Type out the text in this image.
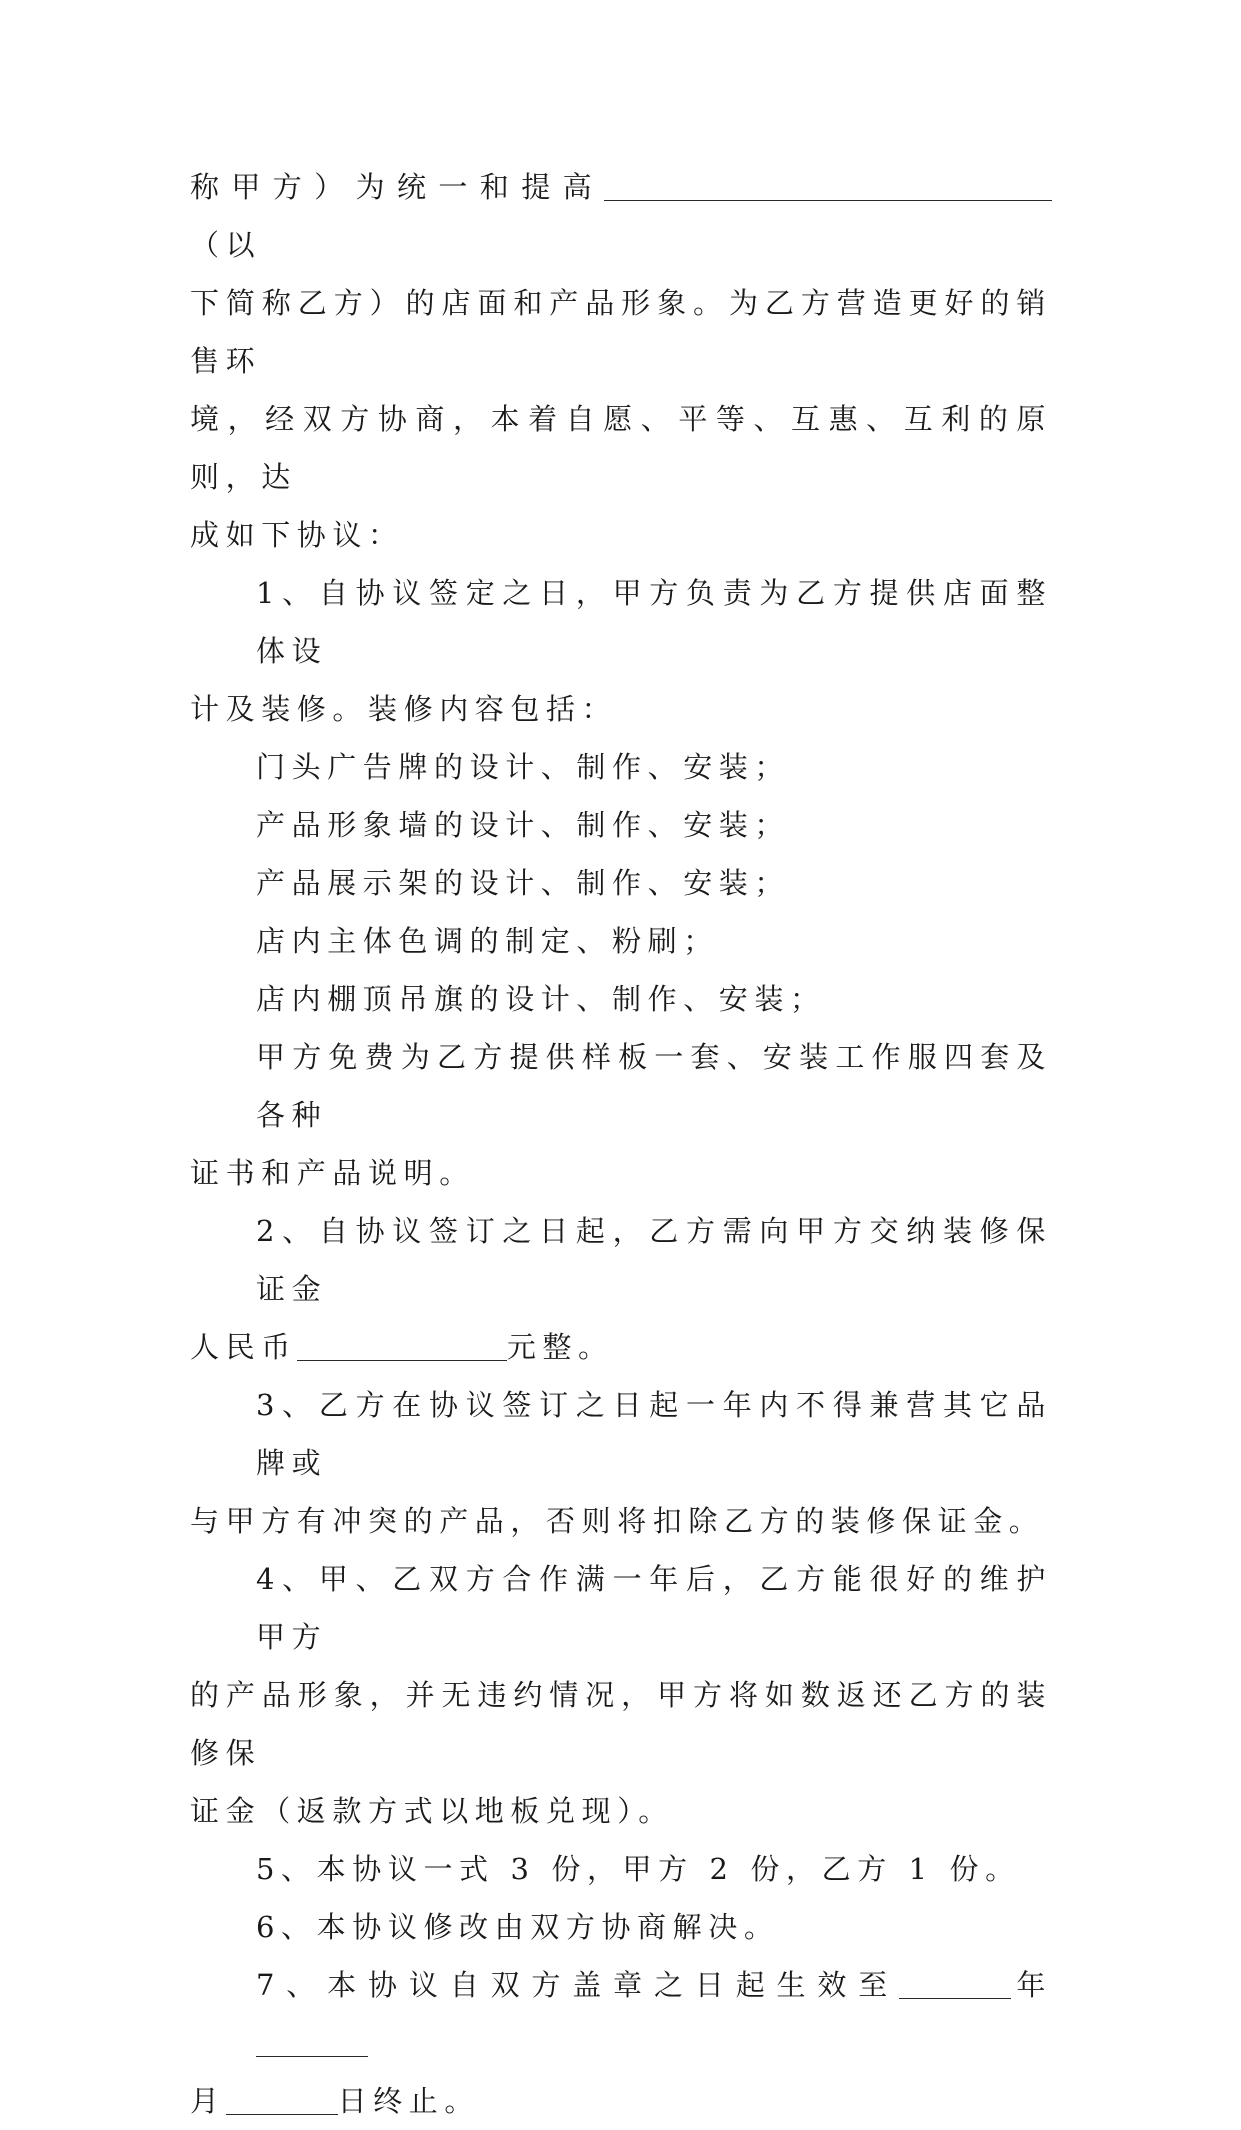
称甲方）为统一和提高（以
下简称乙方）的店面和产品形象。为乙方营造更好的销售环
境，经双方协商，本着自愿、平等、互惠、互利的原则，达
成如下协议：

1、自协议签定之日，甲方负责为乙方提供店面整体设
计及装修。装修内容包括：

门头广告牌的设计、制作、安装；
产品形象墙的设计、制作、安装；
产品展示架的设计、制作、安装；
店内主体色调的制定、粉刷；
店内棚顶吊旗的设计、制作、安装；

甲方免费为乙方提供样板一套、安装工作服四套及各种
证书和产品说明。

2、自协议签订之日起，乙方需向甲方交纳装修保证金
人民币	元整。

3、乙方在协议签订之日起一年内不得兼营其它品牌或
与甲方有冲突的产品，否则将扣除乙方的装修保证金。

4、甲、乙双方合作满一年后，乙方能很好的维护甲方
的产品形象，并无违约情况，甲方将如数返还乙方的装修保
证金（返款方式以地板兑现）。

5、本协议一式 3 份，甲方 2 份，乙方 1 份。

6、本协议修改由双方协商解决。

7、本协议自双方盖章之日起生效至	年
月	日终止。
